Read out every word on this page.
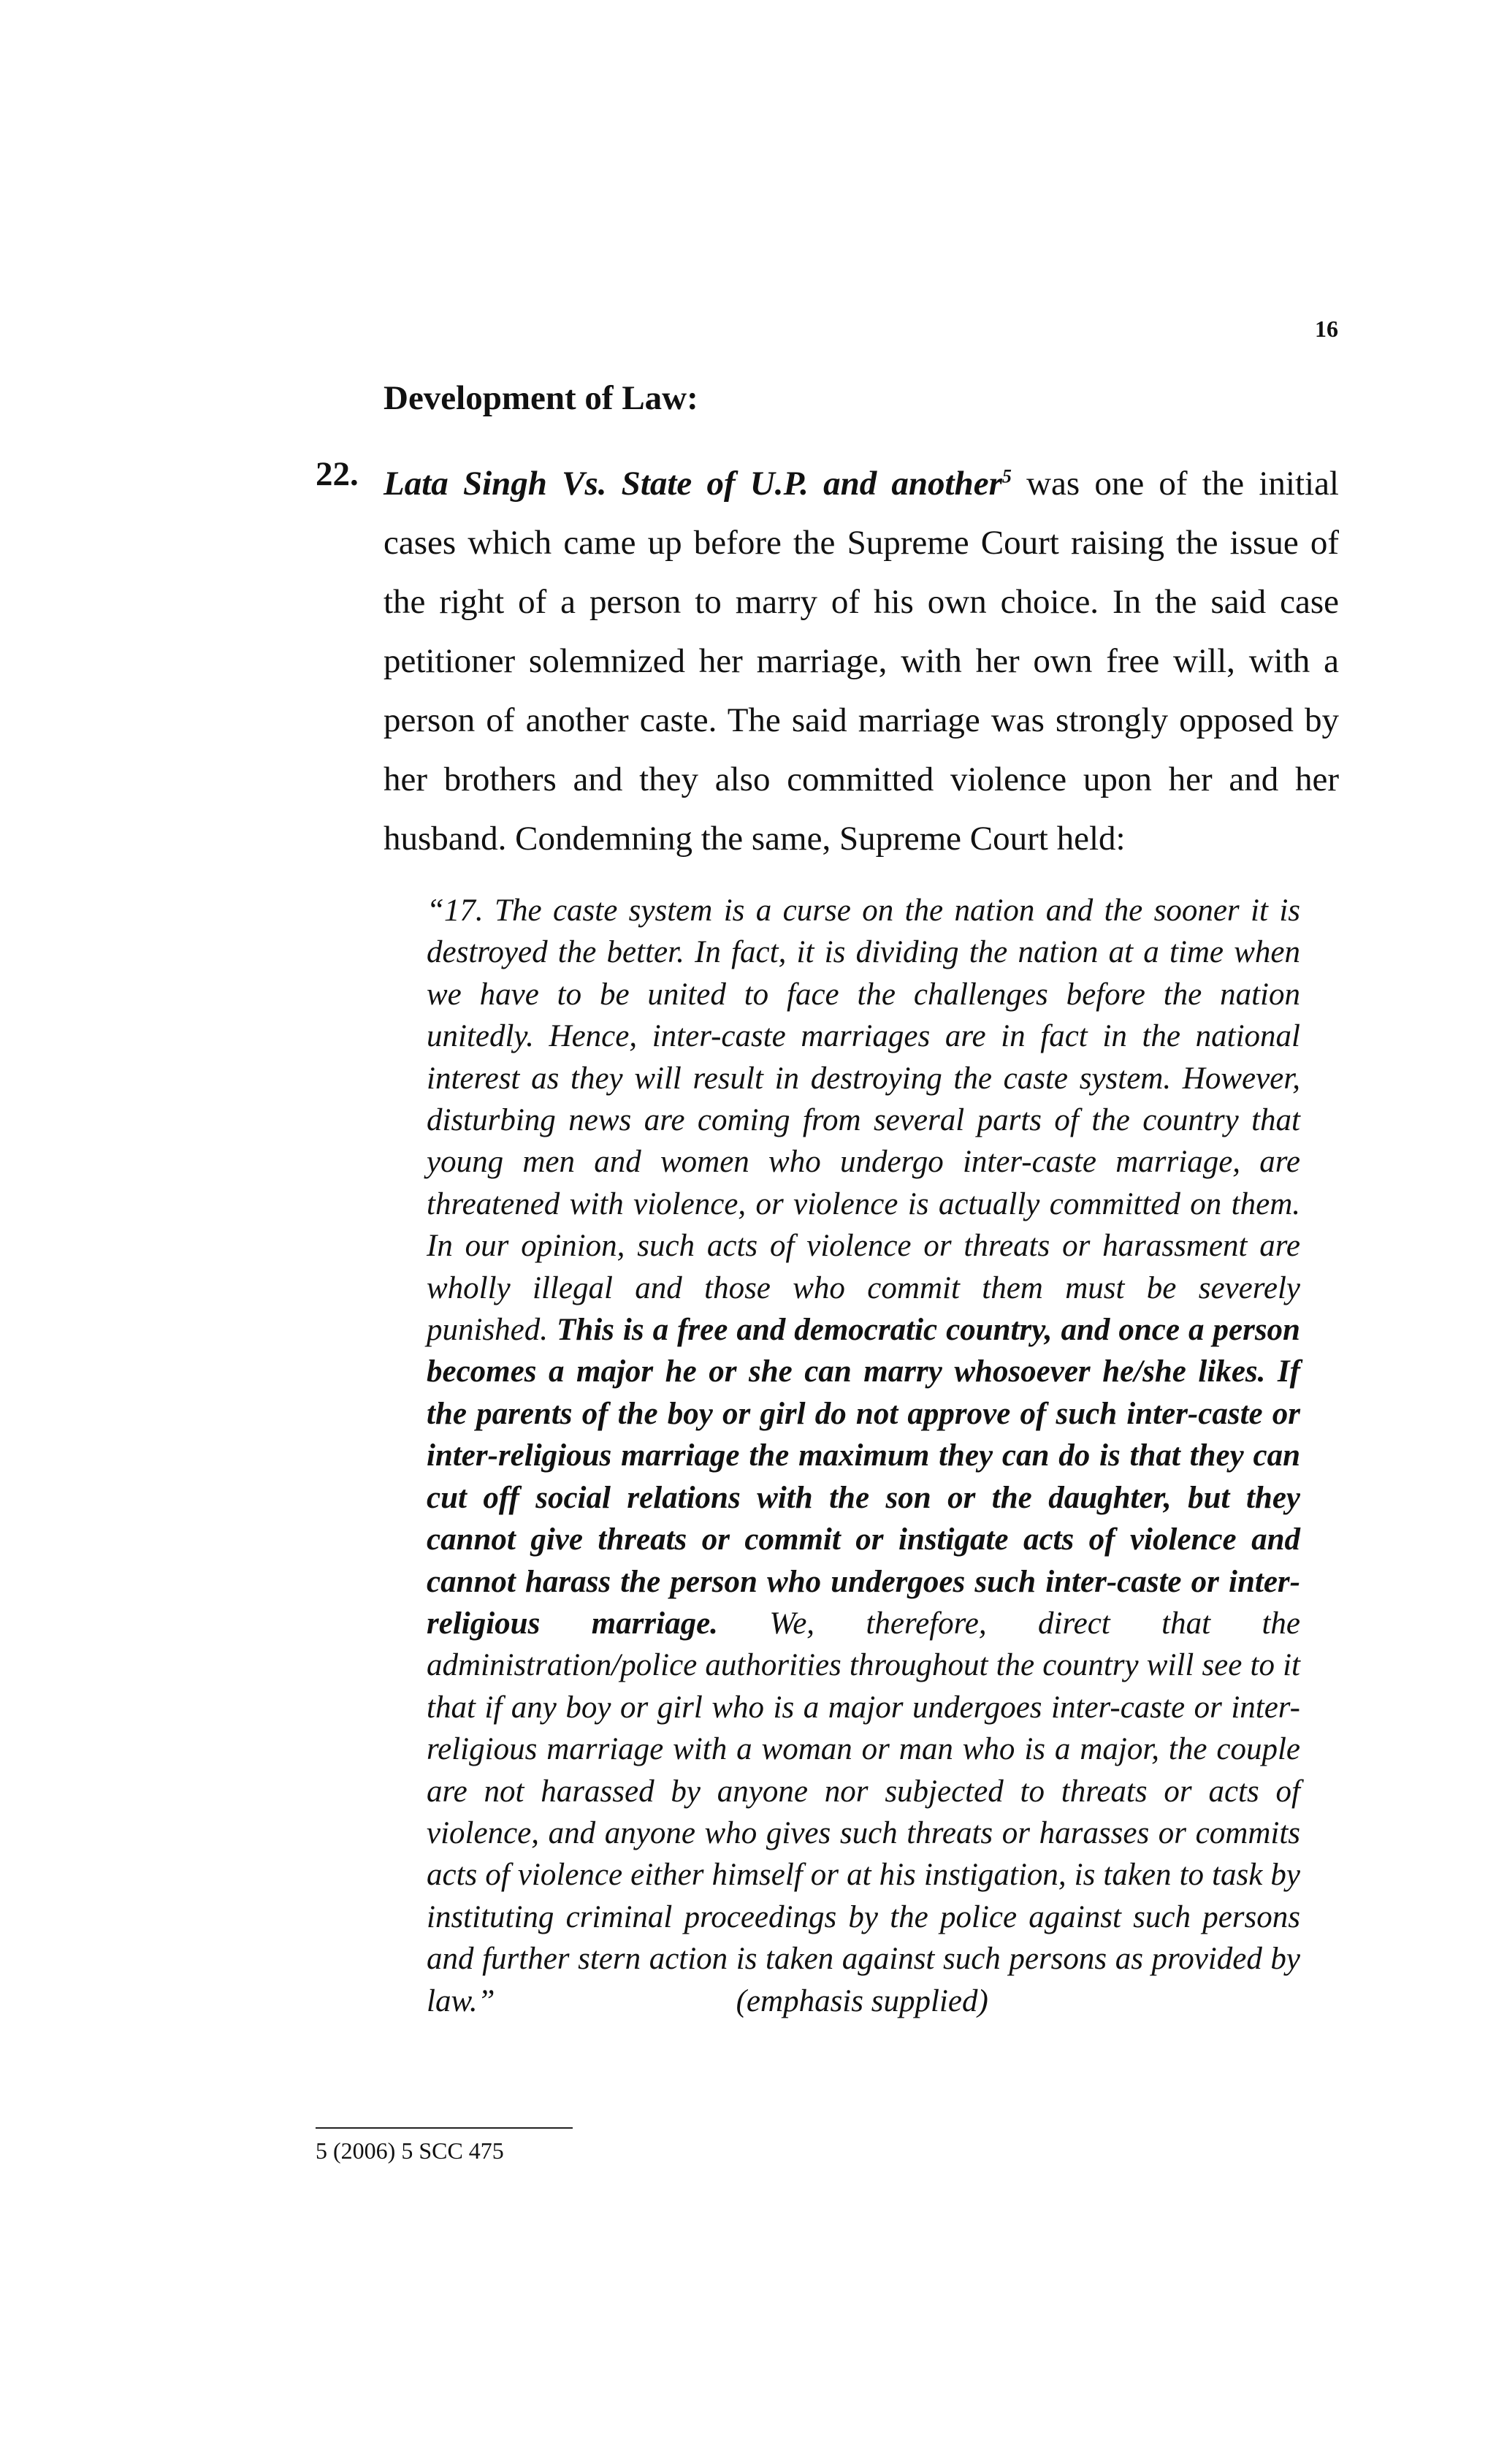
16
Development of Law:
22. Lata Singh Vs. State of U.P. and another$^5$ was one of the initial cases which came up before the Supreme Court raising the issue of the right of a person to marry of his own choice. In the said case petitioner solemnized her marriage, with her own free will, with a person of another caste. The said marriage was strongly opposed by her brothers and they also committed violence upon her and her husband. Condemning the same, Supreme Court held:

“17. The caste system is a curse on the nation and the sooner it is destroyed the better. In fact, it is dividing the nation at a time when we have to be united to face the challenges before the nation unitedly. Hence, inter-caste marriages are in fact in the national interest as they will result in destroying the caste system. However, disturbing news are coming from several parts of the country that young men and women who undergo inter-caste marriage, are threatened with violence, or violence is actually committed on them. In our opinion, such acts of violence or threats or harassment are wholly illegal and those who commit them must be severely punished. This is a free and democratic country, and once a person becomes a major he or she can marry whosoever he/she likes. If the parents of the boy or girl do not approve of such inter-caste or inter-religious marriage the maximum they can do is that they can cut off social relations with the son or the daughter, but they cannot give threats or commit or instigate acts of violence and cannot harass the person who undergoes such inter-caste or inter-religious marriage. We, therefore, direct that the administration/police authorities throughout the country will see to it that if any boy or girl who is a major undergoes inter-caste or inter-religious marriage with a woman or man who is a major, the couple are not harassed by anyone nor subjected to threats or acts of violence, and anyone who gives such threats or harasses or commits acts of violence either himself or at his instigation, is taken to task by instituting criminal proceedings by the police against such persons and further stern action is taken against such persons as provided by law.”	(emphasis supplied)

5 (2006) 5 SCC 475
